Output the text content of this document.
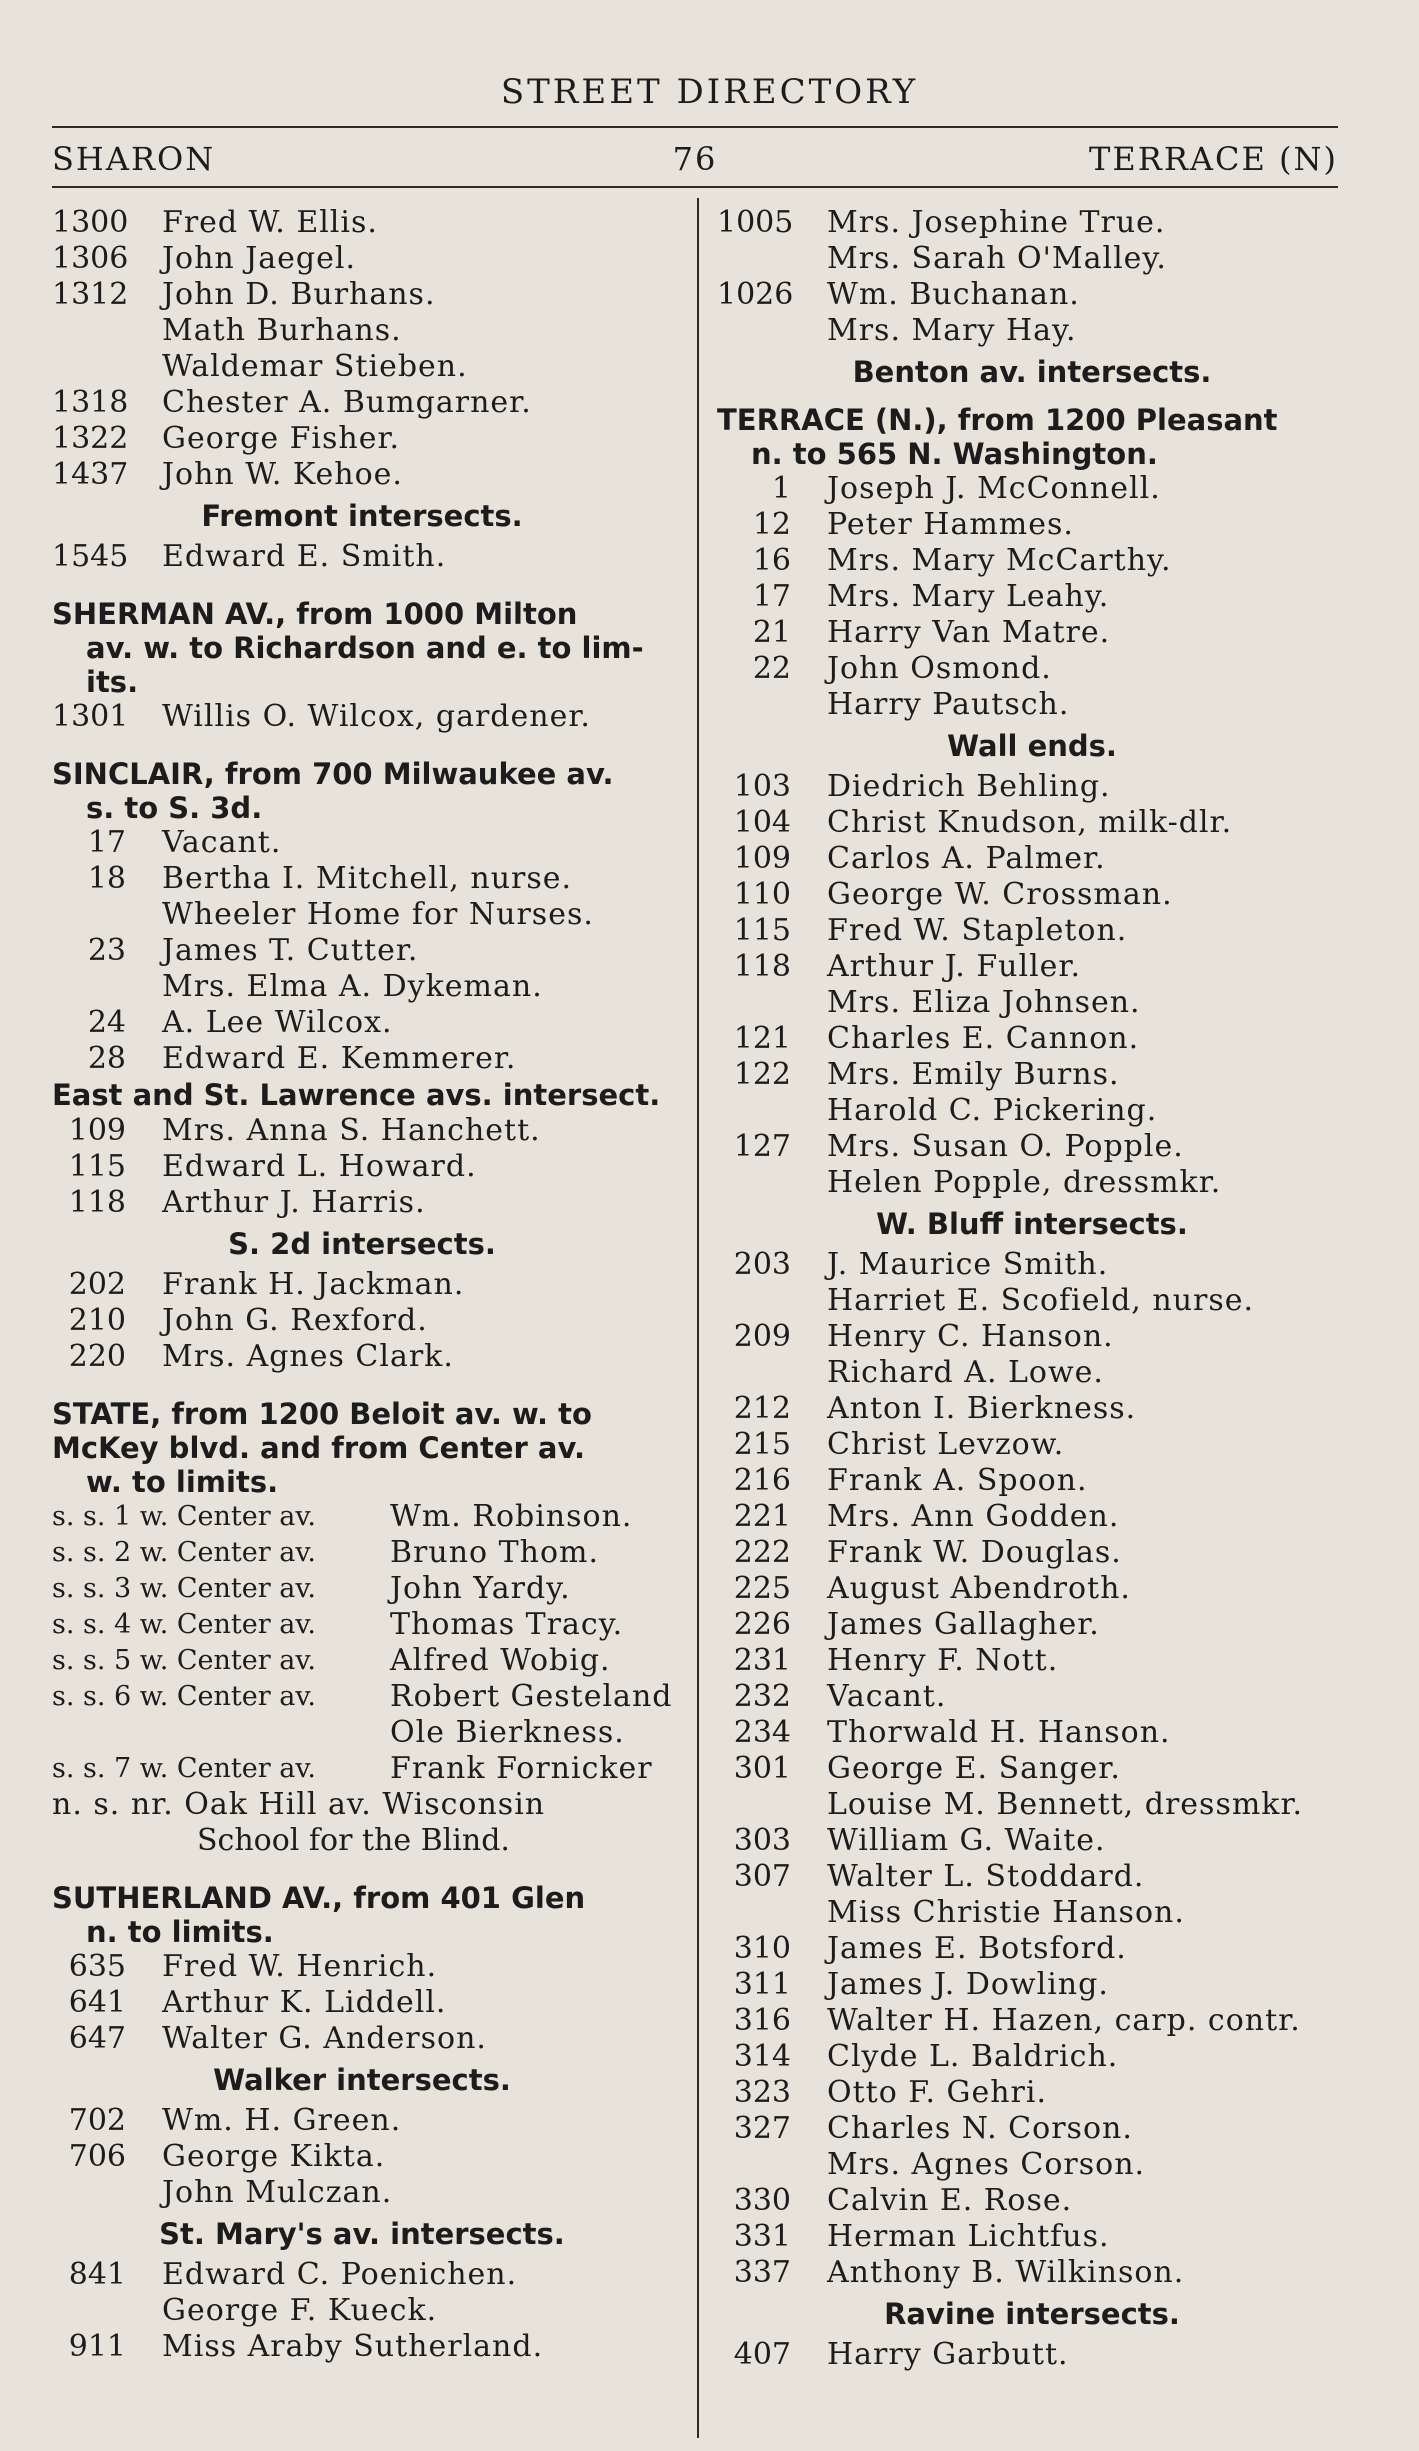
STREET DIRECTORY
SHARON	76	TERRACE (N)
1300 Fred W. Ellis.
1306 John Jaegel.
1312 John D. Burhans.
Math Burhans.
Waldemar Stieben.
1318 Chester A. Bumgarner.
1322 George Fisher.
1437 John W. Kehoe.
Fremont intersects.
1545 Edward E. Smith.
SHERMAN AV., from 1000 Milton
av. w. to Richardson and e. to lim-
its.
1301 Willis O. Wilcox, gardener.
SINCLAIR, from 700 Milwaukee av.
s. to S. 3d.
17 Vacant.
18 Bertha I. Mitchell, nurse.
Wheeler Home for Nurses.
23 James T. Cutter.
Mrs. Elma A. Dykeman.
24 A. Lee Wilcox.
28 Edward E. Kemmerer.
East and St. Lawrence avs. intersect.
109 Mrs. Anna S. Hanchett.
115 Edward L. Howard.
118 Arthur J. Harris.
S. 2d intersects.
202 Frank H. Jackman.
210 John G. Rexford.
220 Mrs. Agnes Clark.
STATE, from 1200 Beloit av. w. to
McKey blvd. and from Center av.
w. to limits.
s. s. 1 w. Center av. Wm. Robinson.
s. s. 2 w. Center av. Bruno Thom.
s. s. 3 w. Center av. John Yardy.
s. s. 4 w. Center av. Thomas Tracy.
s. s. 5 w. Center av. Alfred Wobig.
s. s. 6 w. Center av. Robert Gesteland
Ole Bierkness.
s. s. 7 w. Center av. Frank Fornicker
n. s. nr. Oak Hill av. Wisconsin
School for the Blind.
SUTHERLAND AV., from 401 Glen
n. to limits.
635 Fred W. Henrich.
641 Arthur K. Liddell.
647 Walter G. Anderson.
Walker intersects.
702 Wm. H. Green.
706 George Kikta.
John Mulczan.
St. Mary's av. intersects.
841 Edward C. Poenichen.
George F. Kueck.
911 Miss Araby Sutherland.
1005 Mrs. Josephine True.
Mrs. Sarah O'Malley.
1026 Wm. Buchanan.
Mrs. Mary Hay.
Benton av. intersects.
TERRACE (N.), from 1200 Pleasant
n. to 565 N. Washington.
1 Joseph J. McConnell.
12 Peter Hammes.
16 Mrs. Mary McCarthy.
17 Mrs. Mary Leahy.
21 Harry Van Matre.
22 John Osmond.
Harry Pautsch.
Wall ends.
103 Diedrich Behling.
104 Christ Knudson, milk-dlr.
109 Carlos A. Palmer.
110 George W. Crossman.
115 Fred W. Stapleton.
118 Arthur J. Fuller.
Mrs. Eliza Johnsen.
121 Charles E. Cannon.
122 Mrs. Emily Burns.
Harold C. Pickering.
127 Mrs. Susan O. Popple.
Helen Popple, dressmkr.
W. Bluff intersects.
203 J. Maurice Smith.
Harriet E. Scofield, nurse.
209 Henry C. Hanson.
Richard A. Lowe.
212 Anton I. Bierkness.
215 Christ Levzow.
216 Frank A. Spoon.
221 Mrs. Ann Godden.
222 Frank W. Douglas.
225 August Abendroth.
226 James Gallagher.
231 Henry F. Nott.
232 Vacant.
234 Thorwald H. Hanson.
301 George E. Sanger.
Louise M. Bennett, dressmkr.
303 William G. Waite.
307 Walter L. Stoddard.
Miss Christie Hanson.
310 James E. Botsford.
311 James J. Dowling.
316 Walter H. Hazen, carp. contr.
314 Clyde L. Baldrich.
323 Otto F. Gehri.
327 Charles N. Corson.
Mrs. Agnes Corson.
330 Calvin E. Rose.
331 Herman Lichtfus.
337 Anthony B. Wilkinson.
Ravine intersects.
407 Harry Garbutt.
